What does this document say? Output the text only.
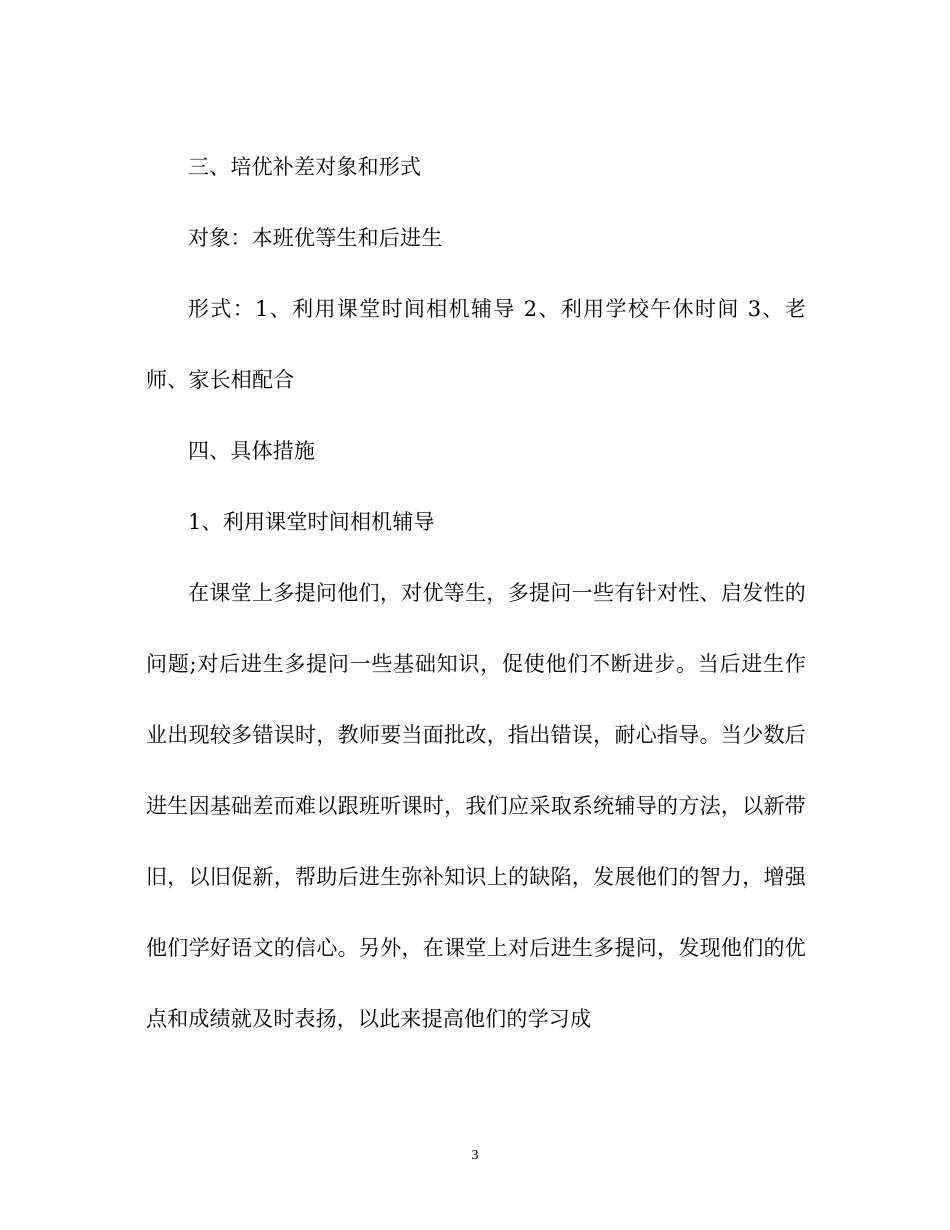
三、培优补差对象和形式

对象：本班优等生和后进生

形式：1、利用课堂时间相机辅导 2、利用学校午休时间 3、老师、家长相配合

四、具体措施

1、利用课堂时间相机辅导

在课堂上多提问他们，对优等生，多提问一些有针对性、启发性的问题;对后进生多提问一些基础知识，促使他们不断进步。当后进生作业出现较多错误时，教师要当面批改，指出错误，耐心指导。当少数后进生因基础差而难以跟班听课时，我们应采取系统辅导的方法，以新带旧，以旧促新，帮助后进生弥补知识上的缺陷，发展他们的智力，增强他们学好语文的信心。另外，在课堂上对后进生多提问，发现他们的优点和成绩就及时表扬，以此来提高他们的学习成

3
